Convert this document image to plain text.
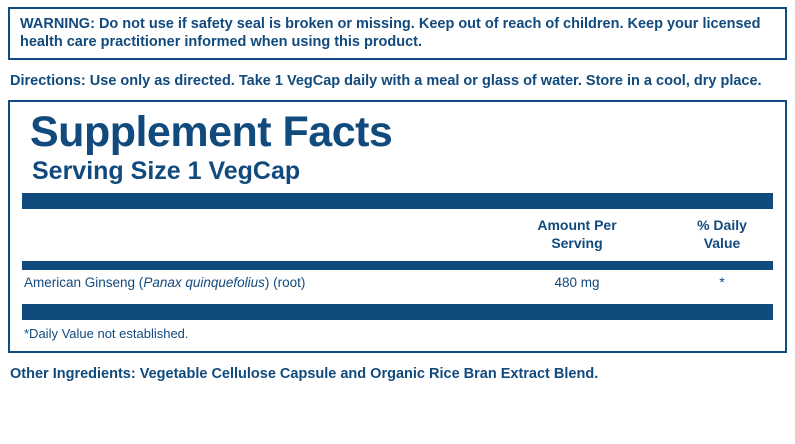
WARNING: Do not use if safety seal is broken or missing. Keep out of reach of children. Keep your licensed health care practitioner informed when using this product.
Directions: Use only as directed. Take 1 VegCap daily with a meal or glass of water. Store in a cool, dry place.
Supplement Facts
Serving Size 1 VegCap
Amount Per
Serving
% Daily
Value
American Ginseng (Panax quinquefolius) (root)	480 mg	*
*Daily Value not established.
Other Ingredients: Vegetable Cellulose Capsule and Organic Rice Bran Extract Blend.
